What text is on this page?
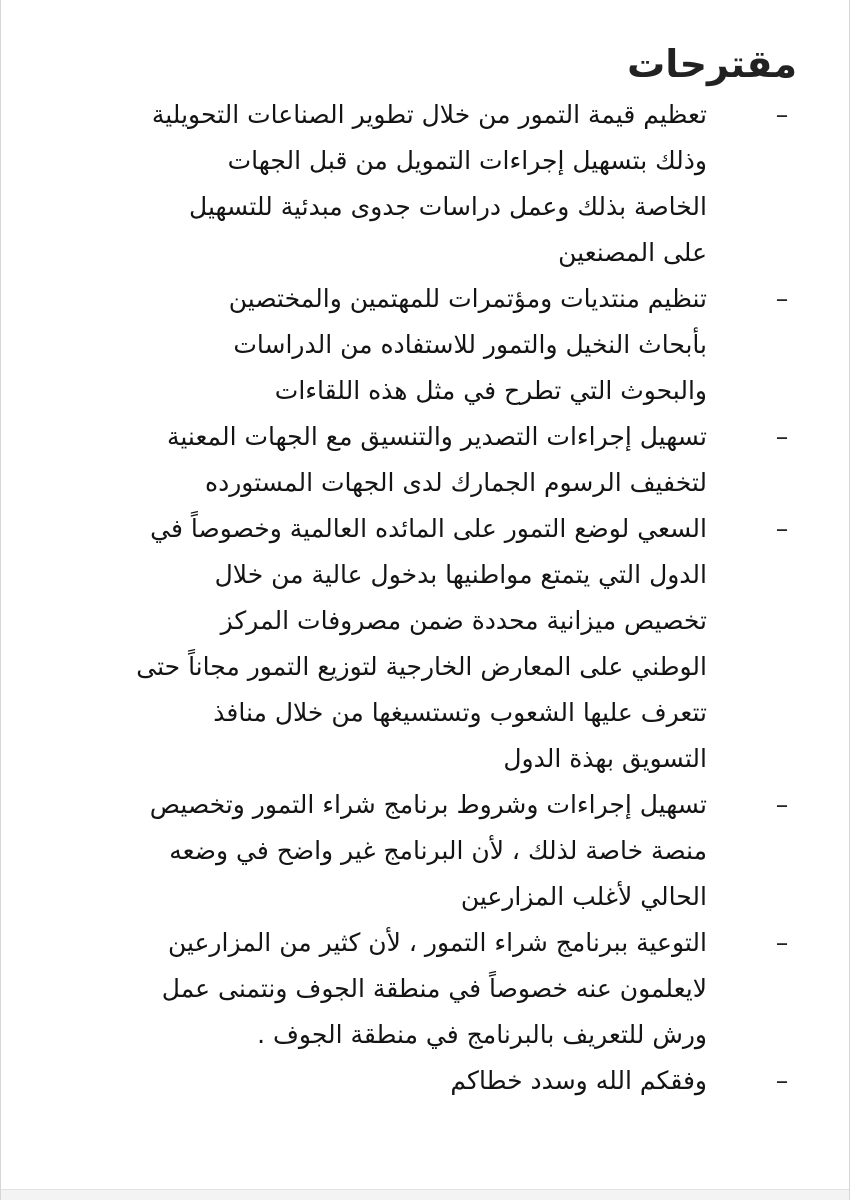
مقترحات
–
تعظيم قيمة التمور من خلال تطوير الصناعات التحويلية
وذلك بتسهيل إجراءات التمويل من قبل الجهات
الخاصة بذلك وعمل دراسات جدوى مبدئية للتسهيل
على المصنعين
–
تنظيم منتديات ومؤتمرات للمهتمين والمختصين
بأبحاث النخيل والتمور للاستفاده من الدراسات
والبحوث التي تطرح في مثل هذه اللقاءات
–
تسهيل إجراءات التصدير والتنسيق مع الجهات المعنية
لتخفيف الرسوم الجمارك لدى الجهات المستورده
–
السعي لوضع التمور على المائده العالمية وخصوصاً في
الدول التي يتمتع مواطنيها بدخول عالية من خلال
تخصيص ميزانية محددة ضمن مصروفات المركز
الوطني على المعارض الخارجية لتوزيع التمور مجاناً حتى
تتعرف عليها الشعوب وتستسيغها من خلال منافذ
التسويق بهذة الدول
–
تسهيل إجراءات وشروط برنامج شراء التمور وتخصيص
منصة خاصة لذلك ، لأن البرنامج غير واضح في وضعه
الحالي لأغلب المزارعين
–
التوعية ببرنامج شراء التمور ، لأن كثير من المزارعين
لايعلمون عنه خصوصاً في منطقة الجوف ونتمنى عمل
ورش للتعريف بالبرنامج في منطقة الجوف .
–
وفقكم الله وسدد خطاكم
